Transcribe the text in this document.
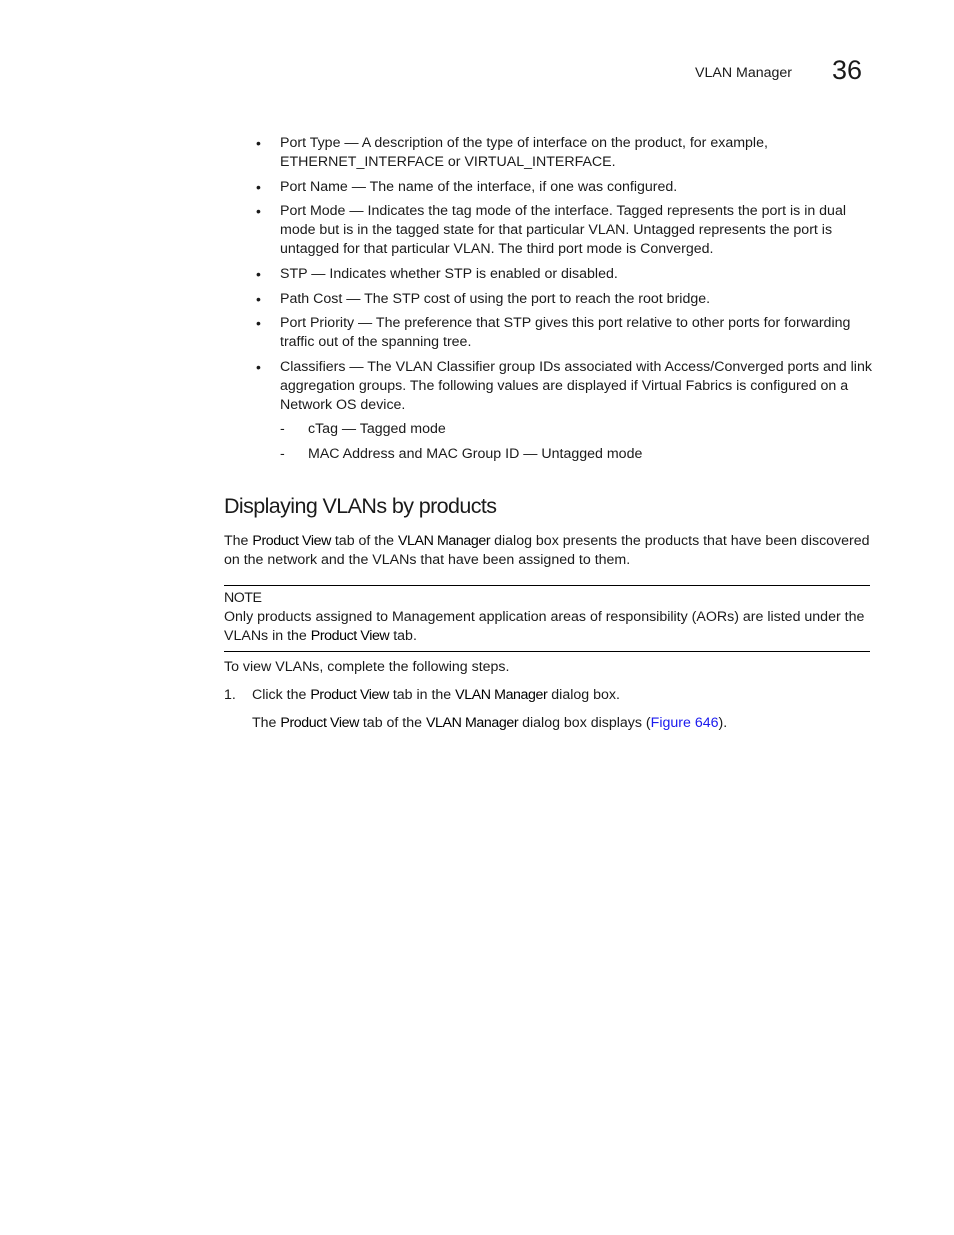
VLAN Manager 36
• Port Type — A description of the type of interface on the product, for example, ETHERNET_INTERFACE or VIRTUAL_INTERFACE.
• Port Name — The name of the interface, if one was configured.
• Port Mode — Indicates the tag mode of the interface. Tagged represents the port is in dual mode but is in the tagged state for that particular VLAN. Untagged represents the port is untagged for that particular VLAN. The third port mode is Converged.
• STP — Indicates whether STP is enabled or disabled.
• Path Cost — The STP cost of using the port to reach the root bridge.
• Port Priority — The preference that STP gives this port relative to other ports for forwarding traffic out of the spanning tree.
• Classifiers — The VLAN Classifier group IDs associated with Access/Converged ports and link aggregation groups. The following values are displayed if Virtual Fabrics is configured on a Network OS device.
- cTag — Tagged mode
- MAC Address and MAC Group ID — Untagged mode
Displaying VLANs by products
The Product View tab of the VLAN Manager dialog box presents the products that have been discovered on the network and the VLANs that have been assigned to them.
NOTE
Only products assigned to Management application areas of responsibility (AORs) are listed under the VLANs in the Product View tab.
To view VLANs, complete the following steps.
1. Click the Product View tab in the VLAN Manager dialog box.
The Product View tab of the VLAN Manager dialog box displays (Figure 646).
